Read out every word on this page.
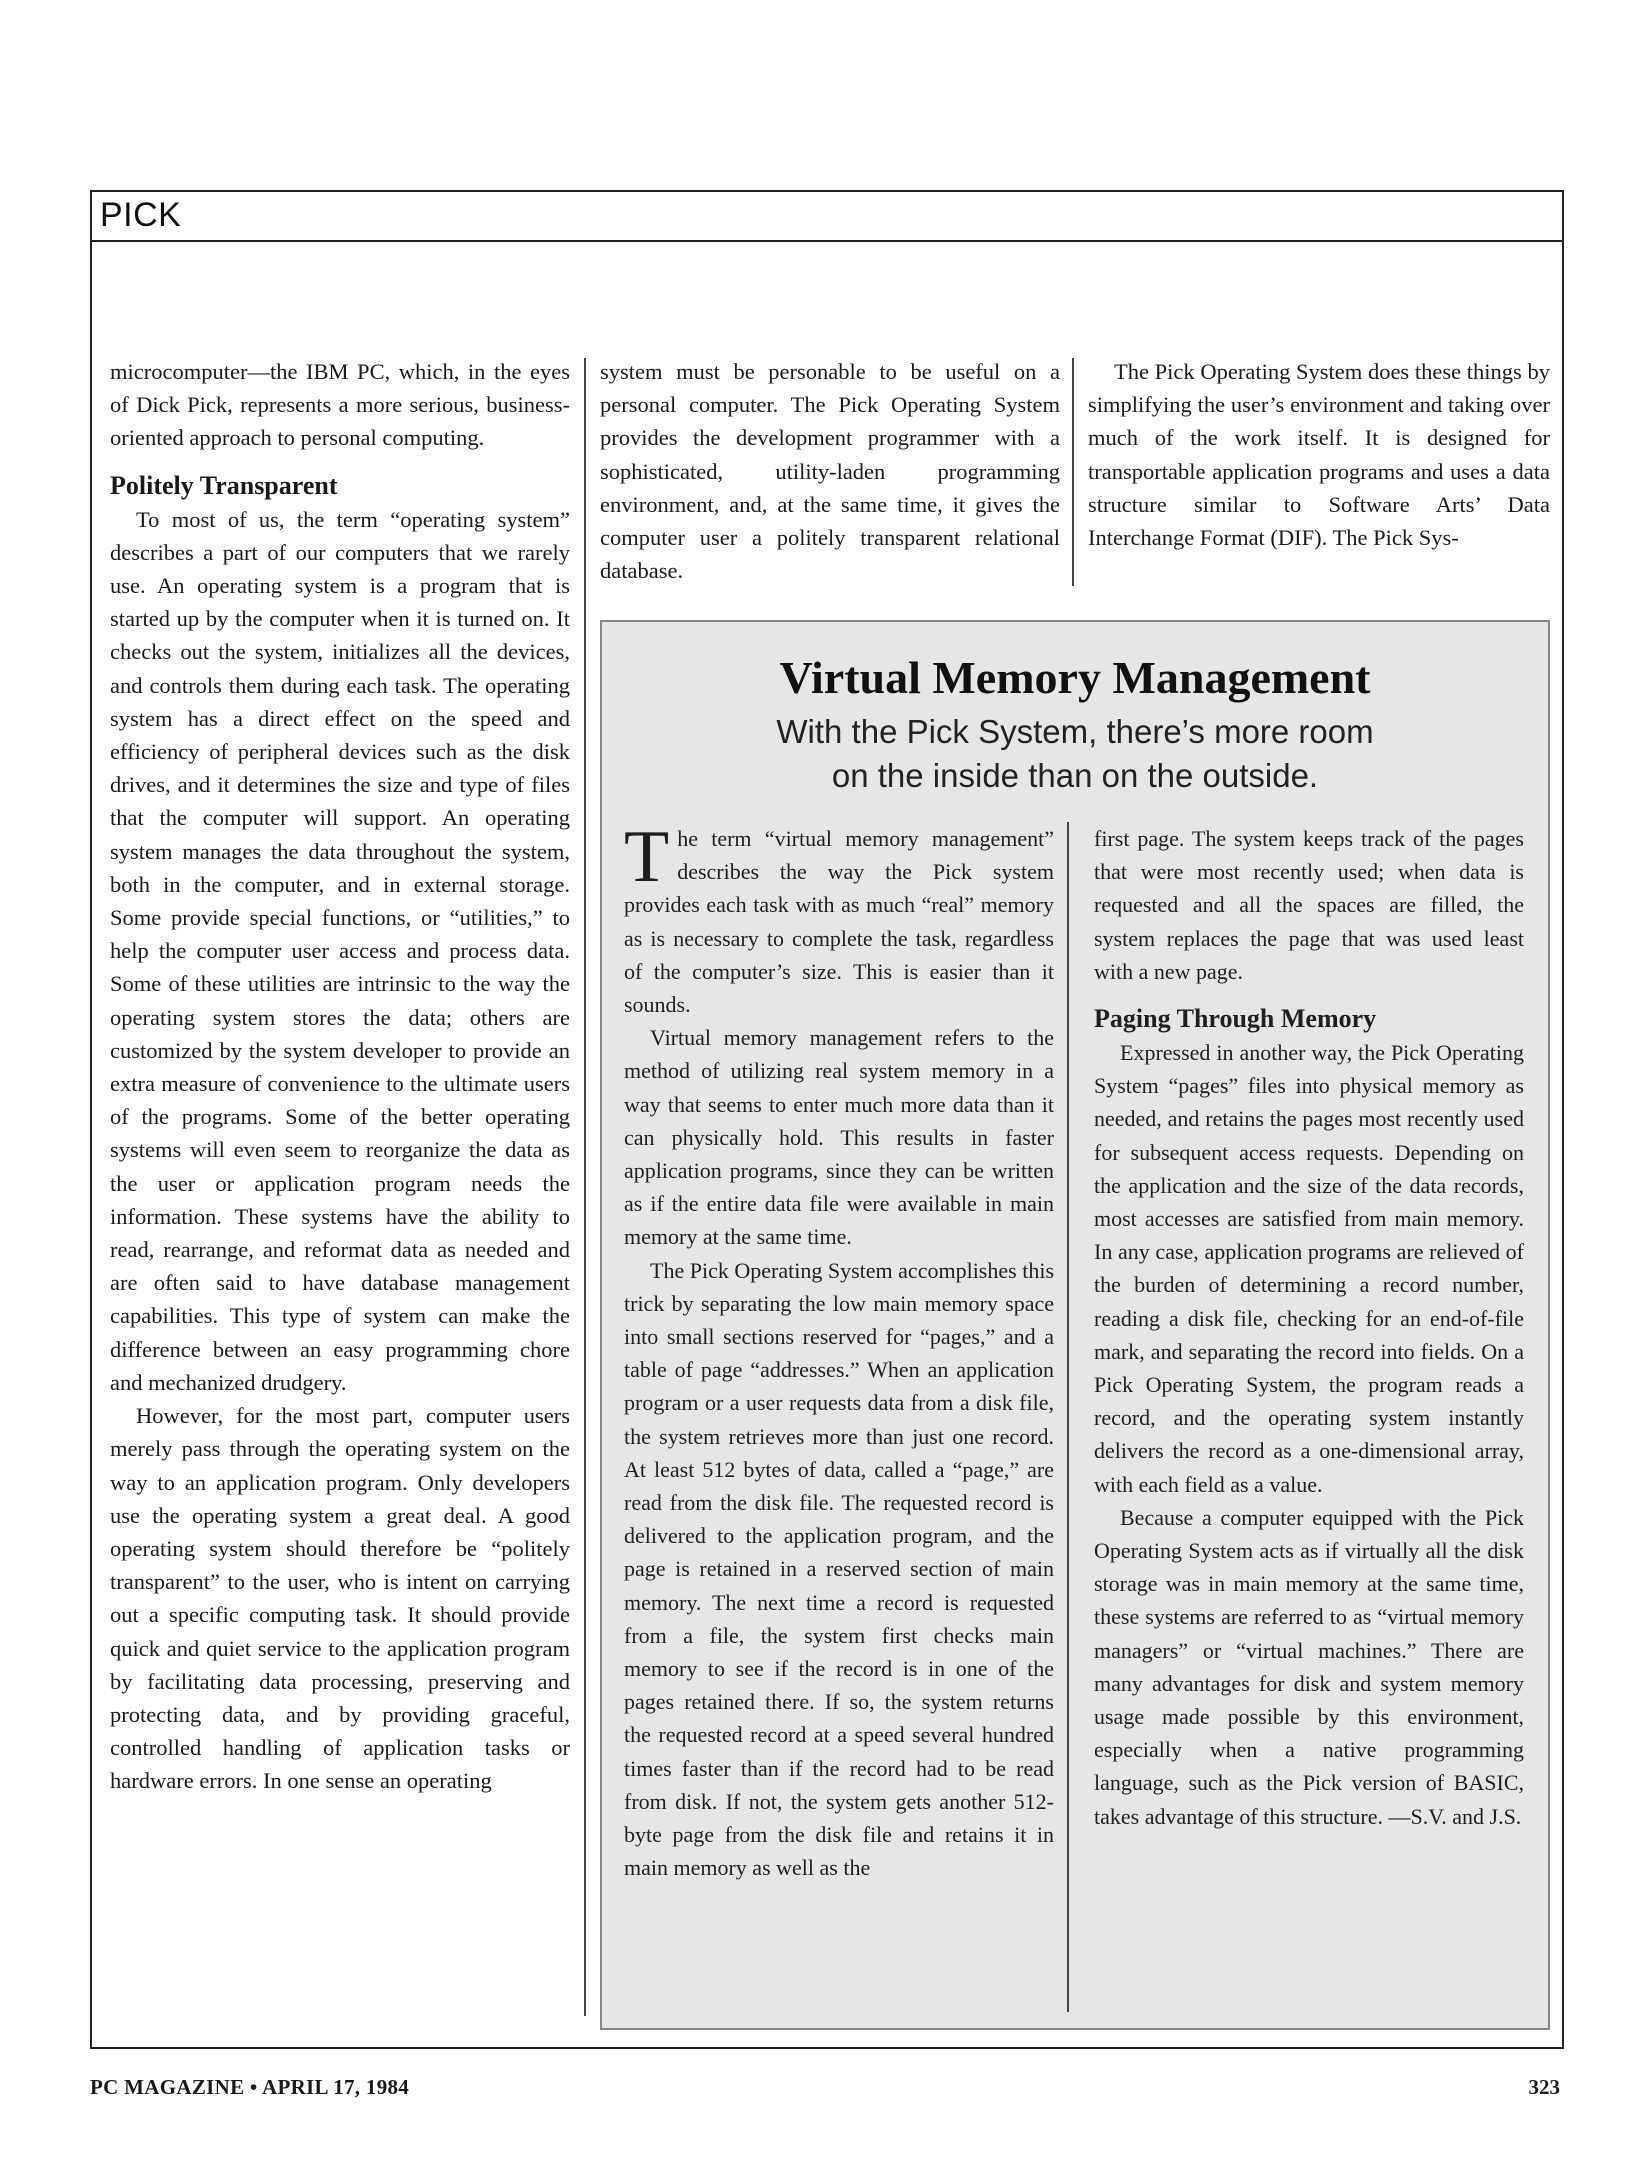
PICK

microcomputer—the IBM PC, which, in the eyes of Dick Pick, represents a more serious, business-oriented approach to personal computing.

Politely Transparent

To most of us, the term “operating system” describes a part of our computers that we rarely use. An operating system is a program that is started up by the computer when it is turned on. It checks out the system, initializes all the devices, and controls them during each task. The operating system has a direct effect on the speed and efficiency of peripheral devices such as the disk drives, and it determines the size and type of files that the computer will support. An operating system manages the data throughout the system, both in the computer, and in external storage. Some provide special functions, or “utilities,” to help the computer user access and process data. Some of these utilities are intrinsic to the way the operating system stores the data; others are customized by the system developer to provide an extra measure of convenience to the ultimate users of the programs. Some of the better operating systems will even seem to reorganize the data as the user or application program needs the information. These systems have the ability to read, rearrange, and reformat data as needed and are often said to have database management capabilities. This type of system can make the difference between an easy programming chore and mechanized drudgery.

However, for the most part, computer users merely pass through the operating system on the way to an application program. Only developers use the operating system a great deal. A good operating system should therefore be “politely transparent” to the user, who is intent on carrying out a specific computing task. It should provide quick and quiet service to the application program by facilitating data processing, preserving and protecting data, and by providing graceful, controlled handling of application tasks or hardware errors. In one sense an operating

system must be personable to be useful on a personal computer. The Pick Operating System provides the development programmer with a sophisticated, utility-laden programming environment, and, at the same time, it gives the computer user a politely transparent relational database.

The Pick Operating System does these things by simplifying the user’s environment and taking over much of the work itself. It is designed for transportable application programs and uses a data structure similar to Software Arts’ Data Interchange Format (DIF). The Pick Sys-

Virtual Memory Management
With the Pick System, there’s more room
on the inside than on the outside.

The term “virtual memory management” describes the way the Pick system provides each task with as much “real” memory as is necessary to complete the task, regardless of the computer’s size. This is easier than it sounds.

Virtual memory management refers to the method of utilizing real system memory in a way that seems to enter much more data than it can physically hold. This results in faster application programs, since they can be written as if the entire data file were available in main memory at the same time.

The Pick Operating System accomplishes this trick by separating the low main memory space into small sections reserved for “pages,” and a table of page “addresses.” When an application program or a user requests data from a disk file, the system retrieves more than just one record. At least 512 bytes of data, called a “page,” are read from the disk file. The requested record is delivered to the application program, and the page is retained in a reserved section of main memory. The next time a record is requested from a file, the system first checks main memory to see if the record is in one of the pages retained there. If so, the system returns the requested record at a speed several hundred times faster than if the record had to be read from disk. If not, the system gets another 512-byte page from the disk file and retains it in main memory as well as the

first page. The system keeps track of the pages that were most recently used; when data is requested and all the spaces are filled, the system replaces the page that was used least with a new page.

Paging Through Memory

Expressed in another way, the Pick Operating System “pages” files into physical memory as needed, and retains the pages most recently used for subsequent access requests. Depending on the application and the size of the data records, most accesses are satisfied from main memory. In any case, application programs are relieved of the burden of determining a record number, reading a disk file, checking for an end-of-file mark, and separating the record into fields. On a Pick Operating System, the program reads a record, and the operating system instantly delivers the record as a one-dimensional array, with each field as a value.

Because a computer equipped with the Pick Operating System acts as if virtually all the disk storage was in main memory at the same time, these systems are referred to as “virtual memory managers” or “virtual machines.” There are many advantages for disk and system memory usage made possible by this environment, especially when a native programming language, such as the Pick version of BASIC, takes advantage of this structure. —S.V. and J.S.

PC MAGAZINE • APRIL 17, 1984	323
